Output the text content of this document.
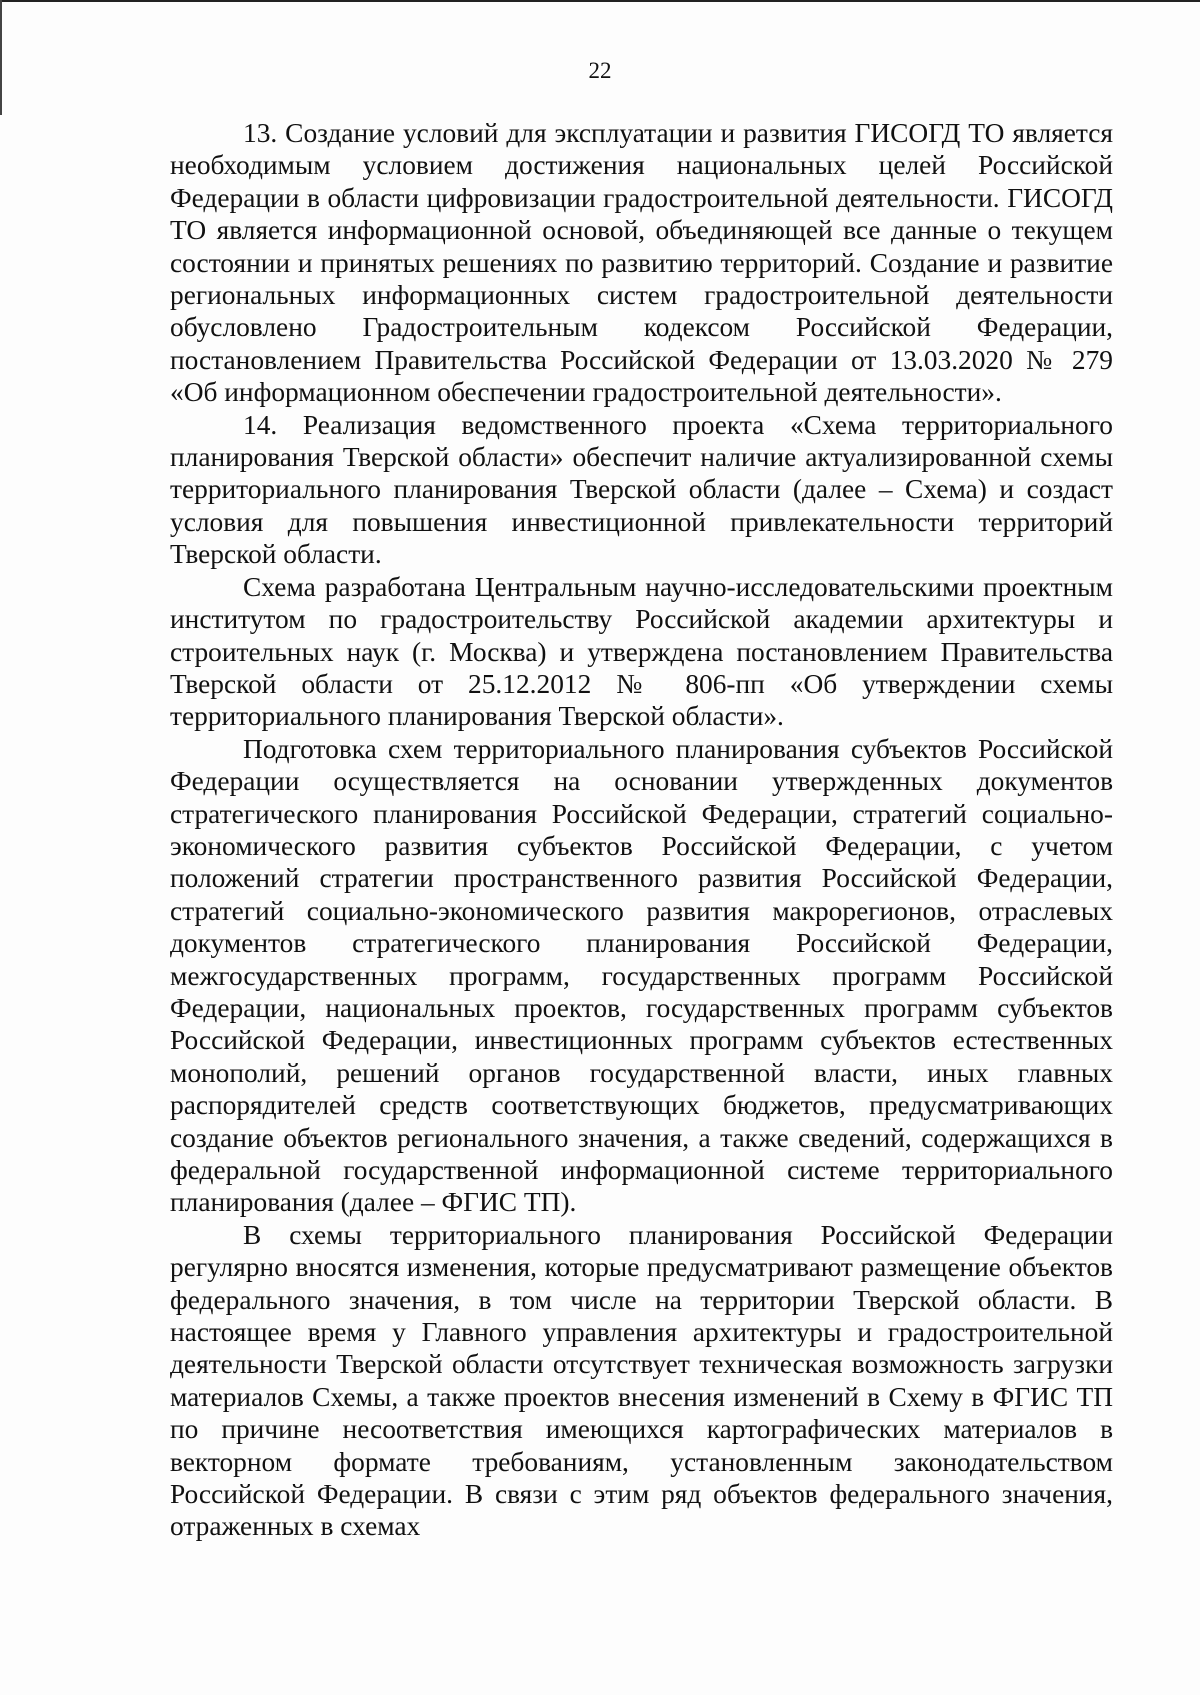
22

13. Создание условий для эксплуатации и развития ГИСОГД ТО является необходимым условием достижения национальных целей Российской Федерации в области цифровизации градостроительной деятельности. ГИСОГД ТО является информационной основой, объединяющей все данные о текущем состоянии и принятых решениях по развитию территорий. Создание и развитие региональных информационных систем градостроительной деятельности обусловлено Градостроительным кодексом Российской Федерации, постановлением Правительства Российской Федерации от 13.03.2020 № 279 «Об информационном обеспечении градостроительной деятельности».

14. Реализация ведомственного проекта «Схема территориального планирования Тверской области» обеспечит наличие актуализированной схемы территориального планирования Тверской области (далее – Схема) и создаст условия для повышения инвестиционной привлекательности территорий Тверской области.

Схема разработана Центральным научно-исследовательскими проектным институтом по градостроительству Российской академии архитектуры и строительных наук (г. Москва) и утверждена постановлением Правительства Тверской области от 25.12.2012 № 806-пп «Об утверждении схемы территориального планирования Тверской области».

Подготовка схем территориального планирования субъектов Российской Федерации осуществляется на основании утвержденных документов стратегического планирования Российской Федерации, стратегий социально-экономического развития субъектов Российской Федерации, с учетом положений стратегии пространственного развития Российской Федерации, стратегий социально-экономического развития макрорегионов, отраслевых документов стратегического планирования Российской Федерации, межгосударственных программ, государственных программ Российской Федерации, национальных проектов, государственных программ субъектов Российской Федерации, инвестиционных программ субъектов естественных монополий, решений органов государственной власти, иных главных распорядителей средств соответствующих бюджетов, предусматривающих создание объектов регионального значения, а также сведений, содержащихся в федеральной государственной информационной системе территориального планирования (далее – ФГИС ТП).

В схемы территориального планирования Российской Федерации регулярно вносятся изменения, которые предусматривают размещение объектов федерального значения, в том числе на территории Тверской области. В настоящее время у Главного управления архитектуры и градостроительной деятельности Тверской области отсутствует техническая возможность загрузки материалов Схемы, а также проектов внесения изменений в Схему в ФГИС ТП по причине несоответствия имеющихся картографических материалов в векторном формате требованиям, установленным законодательством Российской Федерации. В связи с этим ряд объектов федерального значения, отраженных в схемах
